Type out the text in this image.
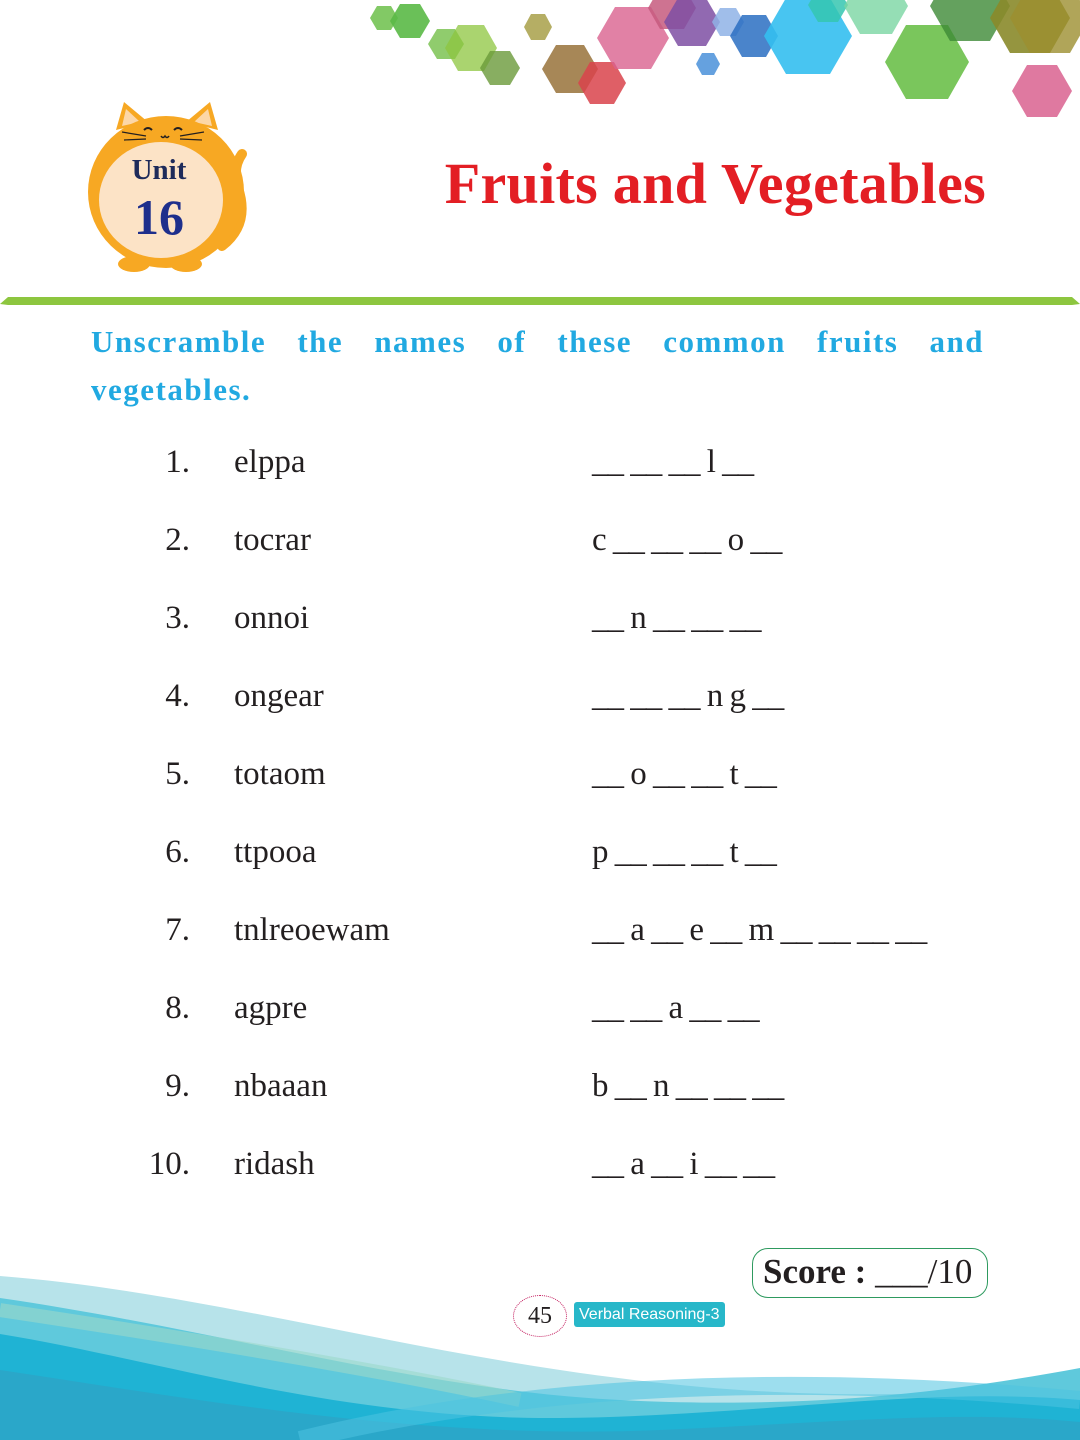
Unit
16
Fruits and Vegetables
Unscramble the names of these common fruits and vegetables.
1. elppa	__ __ __ l __
2. tocrar	c __ __ __ o __
3. onnoi	__ n __ __ __
4. ongear	__ __ __ n g __
5. totaom	__ o __ __ t __
6. ttpooa	p __ __ __ t __
7. tnlreoewam	__ a __ e __ m __ __ __ __
8. agpre	__ __ a __ __
9. nbaaan	b __ n __ __ __
10. ridash	__ a __ i __ __
Score : ___/10
45	Verbal Reasoning-3
